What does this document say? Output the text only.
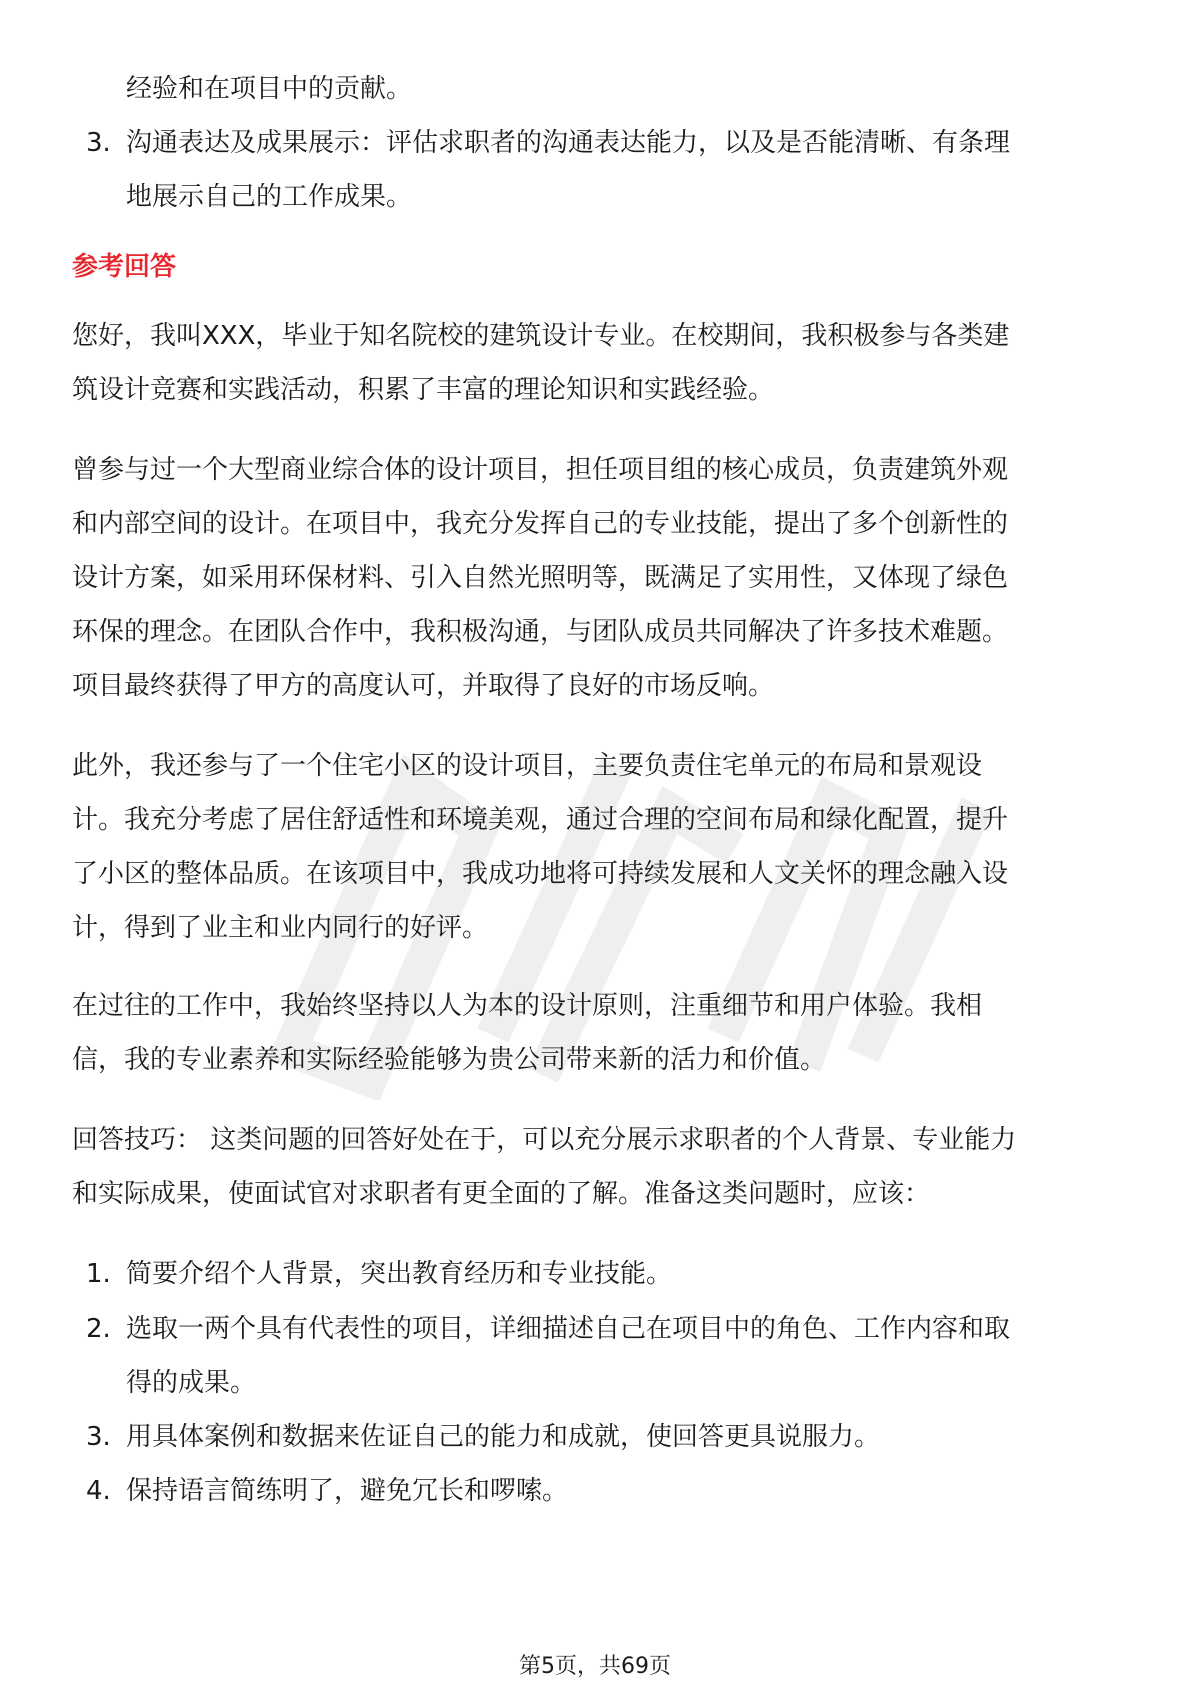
经验和在项目中的贡献。
3. 沟通表达及成果展示：评估求职者的沟通表达能力，以及是否能清晰、有条理
地展示自己的工作成果。
参考回答
您好，我叫XXX，毕业于知名院校的建筑设计专业。在校期间，我积极参与各类建
筑设计竞赛和实践活动，积累了丰富的理论知识和实践经验。
曾参与过一个大型商业综合体的设计项目，担任项目组的核心成员，负责建筑外观
和内部空间的设计。在项目中，我充分发挥自己的专业技能，提出了多个创新性的
设计方案，如采用环保材料、引入自然光照明等，既满足了实用性，又体现了绿色
环保的理念。在团队合作中，我积极沟通，与团队成员共同解决了许多技术难题。
项目最终获得了甲方的高度认可，并取得了良好的市场反响。
此外，我还参与了一个住宅小区的设计项目，主要负责住宅单元的布局和景观设
计。我充分考虑了居住舒适性和环境美观，通过合理的空间布局和绿化配置，提升
了小区的整体品质。在该项目中，我成功地将可持续发展和人文关怀的理念融入设
计，得到了业主和业内同行的好评。
在过往的工作中，我始终坚持以人为本的设计原则，注重细节和用户体验。我相
信，我的专业素养和实际经验能够为贵公司带来新的活力和价值。
回答技巧： 这类问题的回答好处在于，可以充分展示求职者的个人背景、专业能力
和实际成果，使面试官对求职者有更全面的了解。准备这类问题时，应该：
1. 简要介绍个人背景，突出教育经历和专业技能。
2. 选取一两个具有代表性的项目，详细描述自己在项目中的角色、工作内容和取
得的成果。
3. 用具体案例和数据来佐证自己的能力和成就，使回答更具说服力。
4. 保持语言简练明了，避免冗长和啰嗦。
第5页，共69页
